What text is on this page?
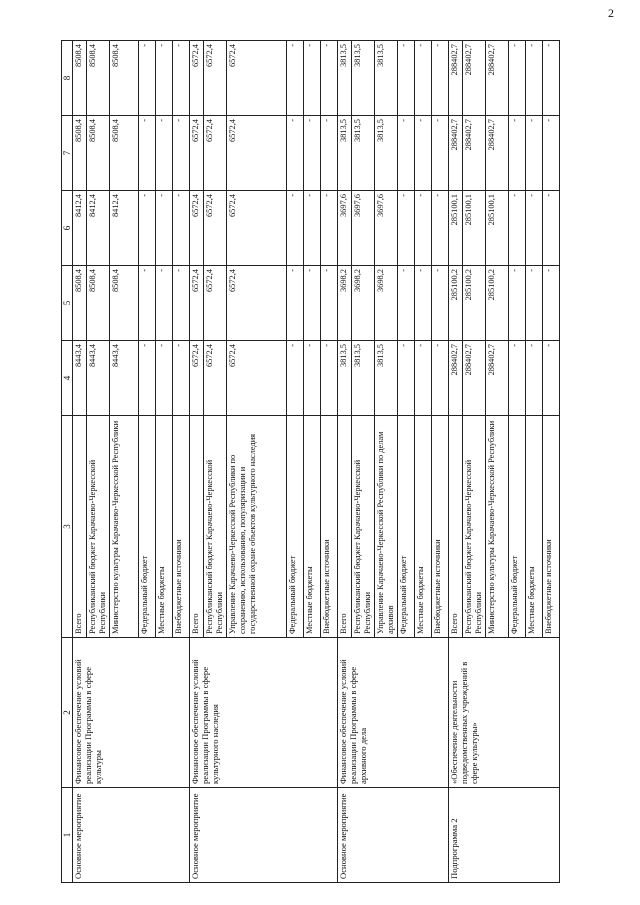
2
1	2	3	4	5	6	7	8
Основное мероприятие	Финансовое обеспечение условий реализации Программы в сфере культуры	Всего	8443,4	8508,4	8412,4	8508,4	8508,4
		Республиканский бюджет Карачаево-Черкесской Республики	8443,4	8508,4	8412,4	8508,4	8508,4
		Министерство культуры Карачаево-Черкесской Республики	8443,4	8508,4	8412,4	8508,4	8508,4
		Федеральный бюджет	-	-	-	-	-
		Местные бюджеты	-	-	-	-	-
		Внебюджетные источники	-	-	-	-	-
Основное мероприятие	Финансовое обеспечение условий реализации Программы в сфере культурного наследия	Всего	6572,4	6572,4	6572,4	6572,4	6572,4
		Республиканский бюджет Карачаево-Черкесской Республики	6572,4	6572,4	6572,4	6572,4	6572,4
		Управление Карачаево-Черкесской Республики по сохранению, использованию, популяризации и государственной охране объектов культурного наследия	6572,4	6572,4	6572,4	6572,4	6572,4
		Федеральный бюджет	-	-	-	-	-
		Местные бюджеты	-	-	-	-	-
		Внебюджетные источники	-	-	-	-	-
Основное мероприятие	Финансовое обеспечение условий реализации Программы в сфере архивного дела	Всего	3813,5	3698,2	3697,6	3813,5	3813,5
		Республиканский бюджет Карачаево-Черкесской Республики	3813,5	3698,2	3697,6	3813,5	3813,5
		Управление Карачаево-Черкесской Республики по делам архивов	3813,5	3698,2	3697,6	3813,5	3813,5
		Федеральный бюджет	-	-	-	-	-
		Местные бюджеты	-	-	-	-	-
		Внебюджетные источники	-	-	-	-	-
Подпрограмма 2	«Обеспечение деятельности подведомственных учреждений в сфере культуры»	Всего	288402,7	285100,2	285100,1	288402,7	288402,7
		Республиканский бюджет Карачаево-Черкесской Республики	288402,7	285100,2	285100,1	288402,7	288402,7
		Министерство культуры Карачаево-Черкесской Республики	288402,7	285100,2	285100,1	288402,7	288402,7
		Федеральный бюджет	-	-	-	-	-
		Местные бюджеты	-	-	-	-	-
		Внебюджетные источники	-	-	-	-	-
